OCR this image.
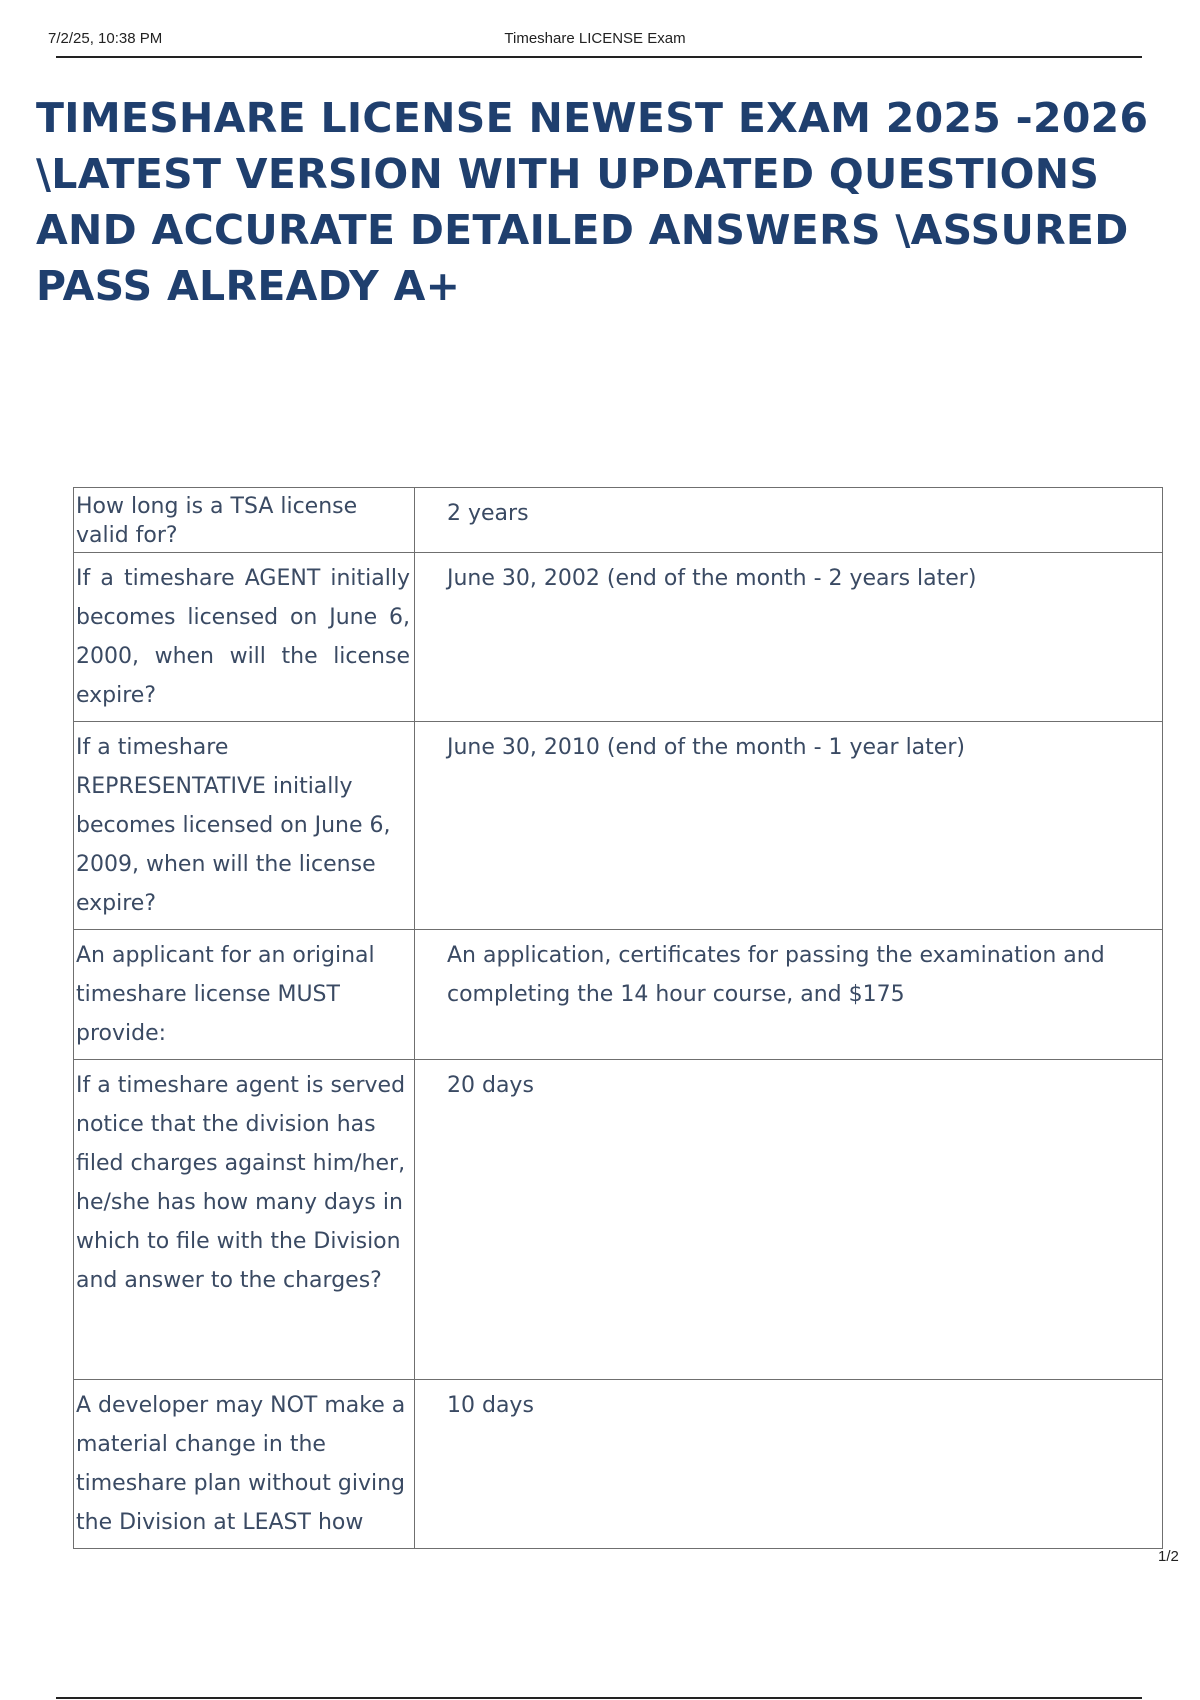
7/2/25, 10:38 PM	Timeshare LICENSE Exam
TIMESHARE LICENSE NEWEST EXAM 2025 -2026 \LATEST VERSION WITH UPDATED QUESTIONS AND ACCURATE DETAILED ANSWERS \ASSURED PASS ALREADY A+
How long is a TSA license valid for?	2 years
If a timeshare AGENT initially becomes licensed on June 6, 2000, when will the license expire?	June 30, 2002 (end of the month - 2 years later)
If a timeshare REPRESENTATIVE initially becomes licensed on June 6, 2009, when will the license expire?	June 30, 2010 (end of the month - 1 year later)
An applicant for an original timeshare license MUST provide:	An application, certificates for passing the examination and completing the 14 hour course, and $175
If a timeshare agent is served notice that the division has filed charges against him/her, he/she has how many days in which to file with the Division and answer to the charges?	20 days
A developer may NOT make a material change in the timeshare plan without giving the Division at LEAST how	10 days
1/2
